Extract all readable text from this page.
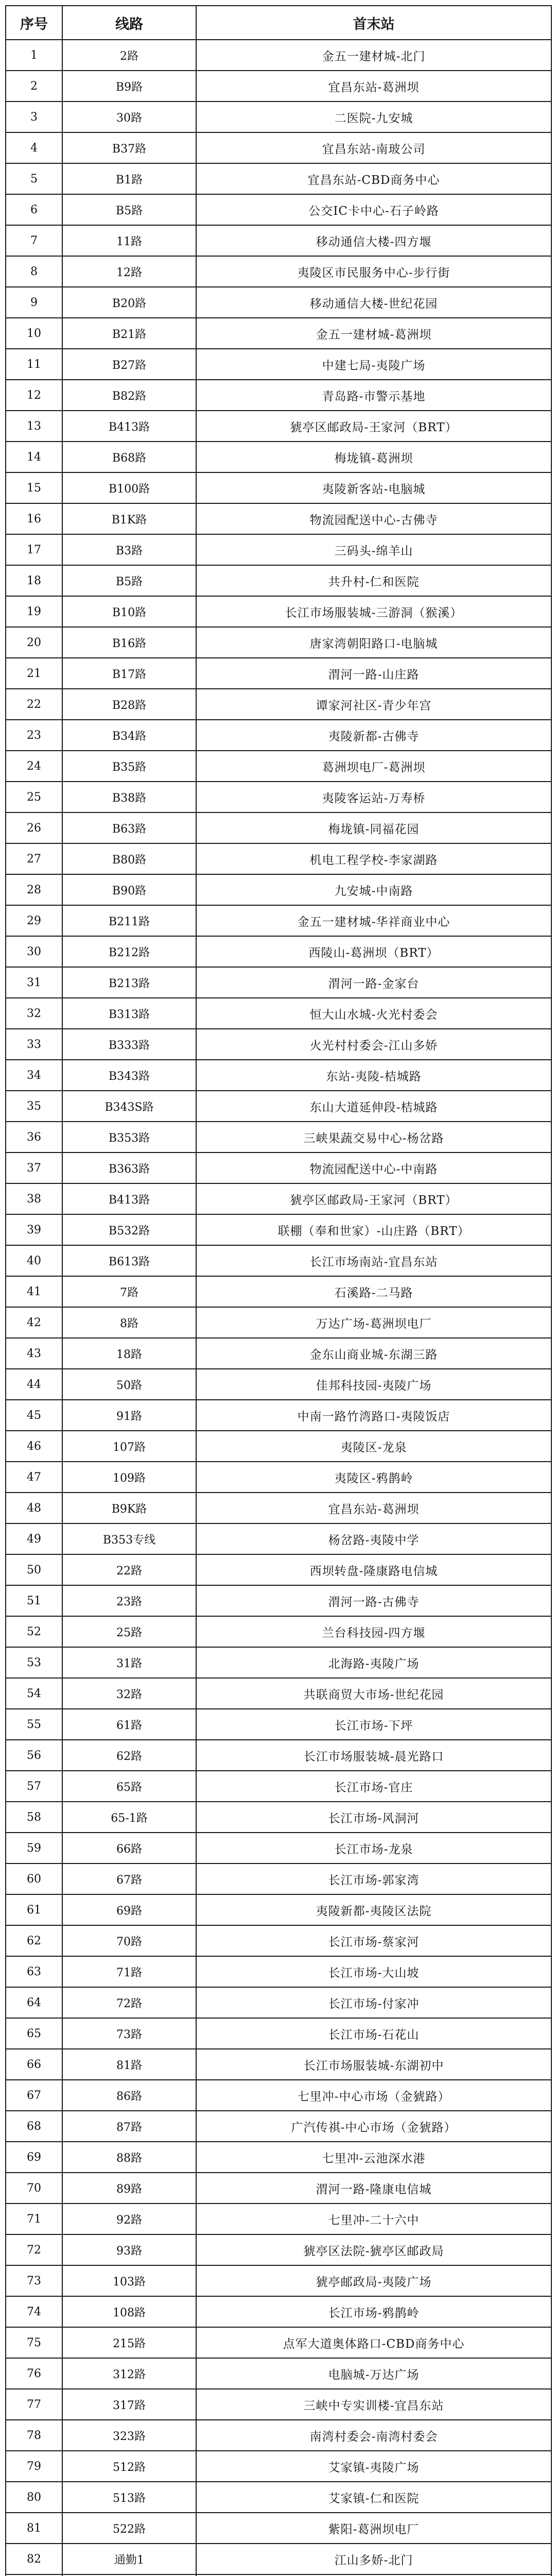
序号	线路	首末站
1	2路	金五一建材城-北门
2	B9路	宜昌东站-葛洲坝
3	30路	二医院-九安城
4	B37路	宜昌东站-南玻公司
5	B1路	宜昌东站-CBD商务中心
6	B5路	公交IC卡中心-石子岭路
7	11路	移动通信大楼-四方堰
8	12路	夷陵区市民服务中心-步行街
9	B20路	移动通信大楼-世纪花园
10	B21路	金五一建材城-葛洲坝
11	B27路	中建七局-夷陵广场
12	B82路	青岛路-市警示基地
13	B413路	猇亭区邮政局-王家河（BRT）
14	B68路	梅垅镇-葛洲坝
15	B100路	夷陵新客站-电脑城
16	B1K路	物流园配送中心-古佛寺
17	B3路	三码头-绵羊山
18	B5路	共升村-仁和医院
19	B10路	长江市场服装城-三游洞（猴溪）
20	B16路	唐家湾朝阳路口-电脑城
21	B17路	渭河一路-山庄路
22	B28路	谭家河社区-青少年宫
23	B34路	夷陵新都-古佛寺
24	B35路	葛洲坝电厂-葛洲坝
25	B38路	夷陵客运站-万寿桥
26	B63路	梅垅镇-同福花园
27	B80路	机电工程学校-李家湖路
28	B90路	九安城-中南路
29	B211路	金五一建材城-华祥商业中心
30	B212路	西陵山-葛洲坝（BRT）
31	B213路	渭河一路-金家台
32	B313路	恒大山水城-火光村委会
33	B333路	火光村村委会-江山多娇
34	B343路	东站-夷陵-桔城路
35	B343S路	东山大道延伸段-桔城路
36	B353路	三峡果蔬交易中心-杨岔路
37	B363路	物流园配送中心-中南路
38	B413路	猇亭区邮政局-王家河（BRT）
39	B532路	联棚（奉和世家）-山庄路（BRT）
40	B613路	长江市场南站-宜昌东站
41	7路	石溪路-二马路
42	8路	万达广场-葛洲坝电厂
43	18路	金东山商业城-东湖三路
44	50路	佳邦科技园-夷陵广场
45	91路	中南一路竹湾路口-夷陵饭店
46	107路	夷陵区-龙泉
47	109路	夷陵区-鸦鹊岭
48	B9K路	宜昌东站-葛洲坝
49	B353专线	杨岔路-夷陵中学
50	22路	西坝转盘-隆康路电信城
51	23路	渭河一路-古佛寺
52	25路	兰台科技园-四方堰
53	31路	北海路-夷陵广场
54	32路	共联商贸大市场-世纪花园
55	61路	长江市场-下坪
56	62路	长江市场服装城-晨光路口
57	65路	长江市场-官庄
58	65-1路	长江市场-风洞河
59	66路	长江市场-龙泉
60	67路	长江市场-郭家湾
61	69路	夷陵新都-夷陵区法院
62	70路	长江市场-蔡家河
63	71路	长江市场-大山坡
64	72路	长江市场-付家冲
65	73路	长江市场-石花山
66	81路	长江市场服装城-东湖初中
67	86路	七里冲-中心市场（金猇路）
68	87路	广汽传祺-中心市场（金猇路）
69	88路	七里冲-云池深水港
70	89路	渭河一路-隆康电信城
71	92路	七里冲-二十六中
72	93路	猇亭区法院-猇亭区邮政局
73	103路	猇亭邮政局-夷陵广场
74	108路	长江市场-鸦鹊岭
75	215路	点军大道奥体路口-CBD商务中心
76	312路	电脑城-万达广场
77	317路	三峡中专实训楼-宜昌东站
78	323路	南湾村委会-南湾村委会
79	512路	艾家镇-夷陵广场
80	513路	艾家镇-仁和医院
81	522路	紫阳-葛洲坝电厂
82	通勤1	江山多娇-北门
